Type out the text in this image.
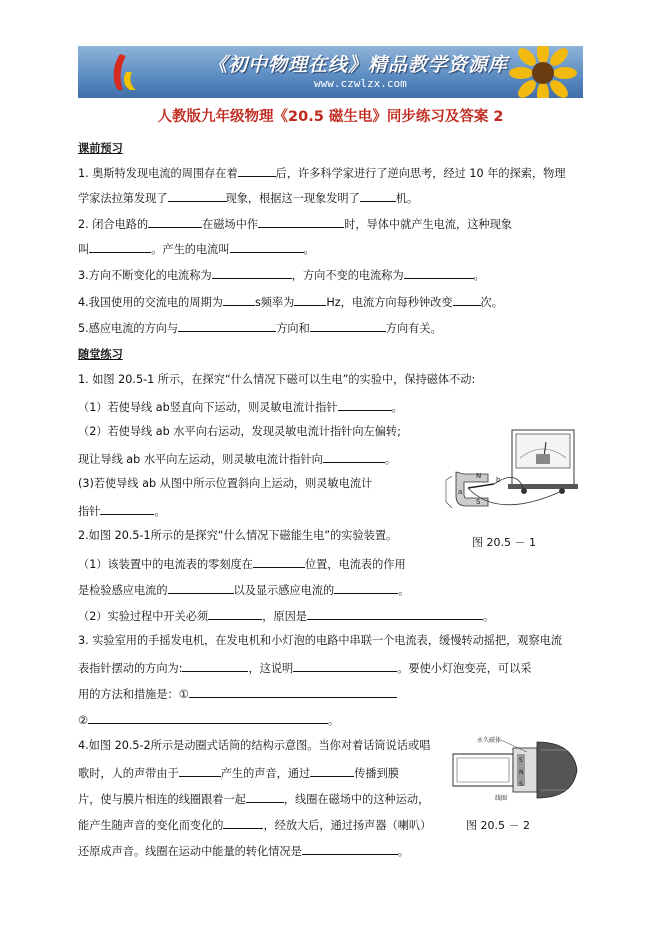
《初中物理在线》精品教学资源库
www.czwlzx.com
人教版九年级物理《20.5 磁生电》同步练习及答案 2
课前预习
1. 奥斯特发现电流的周围存在着	后，许多科学家进行了逆向思考，经过 10 年的探索，物理
学家法拉第发现了	现象，根据这一现象发明了	机。
2. 闭合电路的	在磁场中作	时，导体中就产生电流，这种现象
叫	。产生的电流叫	。
3.方向不断变化的电流称为	，方向不变的电流称为	。
4.我国使用的交流电的周期为	s频率为	Hz，电流方向每秒钟改变	次。
5.感应电流的方向与	方向和	方向有关。
随堂练习
1. 如图 20.5-1 所示，在探究“什么情况下磁可以生电”的实验中，保持磁体不动:
（1）若使导线 ab竖直向下运动，则灵敏电流计指针	。
（2）若使导线 ab 水平向右运动，发现灵敏电流计指针向左偏转;
现让导线 ab 水平向左运动，则灵敏电流计指针向	。
(3)若使导线 ab 从图中所示位置斜向上运动，则灵敏电流计
指针	。
2.如图 20.5-1所示的是探究“什么情况下磁能生电”的实验装置。
（1）该装置中的电流表的零刻度在	位置，电流表的作用
是检验感应电流的	以及显示感应电流的	。
（2）实验过程中开关必须	，原因是	。
3. 实验室用的手摇发电机，在发电机和小灯泡的电路中串联一个电流表，缓慢转动摇把，观察电流
表指针摆动的方向为:	，这说明	。要使小灯泡变亮，可以采
用的方法和措施是：①
②	。
4.如图 20.5-2所示是动圈式话筒的结构示意图。当你对着话筒说话或唱
歌时，人的声带由于	产生的声音，通过	传播到膜
片，使与膜片相连的线圈跟着一起	，线圈在磁场中的这种运动，
能产生随声音的变化而变化的	，经放大后，通过扬声器（喇叭）
还原成声音。线圈在运动中能量的转化情况是	。
N
S
a
b
图 20.5 － 1
永久磁体
线圈
S
N
S
图 20.5 － 2
